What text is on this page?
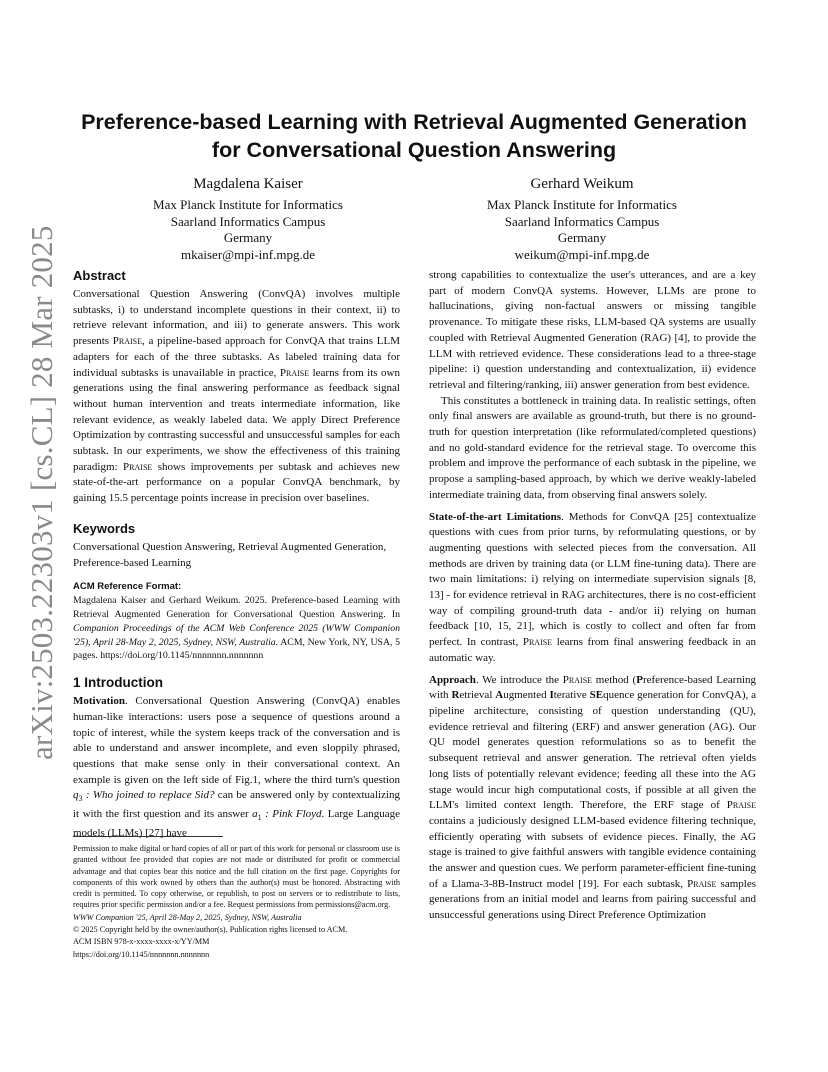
arXiv:2503.22303v1 [cs.CL] 28 Mar 2025
Preference-based Learning with Retrieval Augmented Generation
for Conversational Question Answering
Magdalena Kaiser
Max Planck Institute for Informatics
Saarland Informatics Campus
Germany
mkaiser@mpi-inf.mpg.de
Gerhard Weikum
Max Planck Institute for Informatics
Saarland Informatics Campus
Germany
weikum@mpi-inf.mpg.de
Abstract

Conversational Question Answering (ConvQA) involves multiple subtasks, i) to understand incomplete questions in their context, ii) to retrieve relevant information, and iii) to generate answers. This work presents Praise, a pipeline-based approach for ConvQA that trains LLM adapters for each of the three subtasks. As labeled training data for individual subtasks is unavailable in practice, Praise learns from its own generations using the final answering performance as feedback signal without human intervention and treats intermediate information, like relevant evidence, as weakly labeled data. We apply Direct Preference Optimization by contrasting successful and unsuccessful samples for each subtask. In our experiments, we show the effectiveness of this training paradigm: Praise shows improvements per subtask and achieves new state-of-the-art performance on a popular ConvQA benchmark, by gaining 15.5 percentage points increase in precision over baselines.

Keywords

Conversational Question Answering, Retrieval Augmented Generation, Preference-based Learning

ACM Reference Format:

Magdalena Kaiser and Gerhard Weikum. 2025. Preference-based Learning with Retrieval Augmented Generation for Conversational Question Answering. In Companion Proceedings of the ACM Web Conference 2025 (WWW Companion '25), April 28-May 2, 2025, Sydney, NSW, Australia. ACM, New York, NY, USA, 5 pages. https://doi.org/10.1145/nnnnnnn.nnnnnnn

1 Introduction

Motivation. Conversational Question Answering (ConvQA) enables human-like interactions: users pose a sequence of questions around a topic of interest, while the system keeps track of the conversation and is able to understand and answer incomplete, and even sloppily phrased, questions that make sense only in their conversational context. An example is given on the left side of Fig.1, where the third turn's question $q_3$ : Who joined to replace Sid? can be answered only by contextualizing it with the first question and its answer $a_1$ : Pink Floyd. Large Language models (LLMs) [27] have

Permission to make digital or hard copies of all or part of this work for personal or classroom use is granted without fee provided that copies are not made or distributed for profit or commercial advantage and that copies bear this notice and the full citation on the first page. Copyrights for components of this work owned by others than the author(s) must be honored. Abstracting with credit is permitted. To copy otherwise, or republish, to post on servers or to redistribute to lists, requires prior specific permission and/or a fee. Request permissions from permissions@acm.org.

WWW Companion '25, April 28-May 2, 2025, Sydney, NSW, Australia

© 2025 Copyright held by the owner/author(s). Publication rights licensed to ACM.

ACM ISBN 978-x-xxxx-xxxx-x/YY/MM

https://doi.org/10.1145/nnnnnnn.nnnnnnn

strong capabilities to contextualize the user's utterances, and are a key part of modern ConvQA systems. However, LLMs are prone to hallucinations, giving non-factual answers or missing tangible provenance. To mitigate these risks, LLM-based QA systems are usually coupled with Retrieval Augmented Generation (RAG) [4], to provide the LLM with retrieved evidence. These considerations lead to a three-stage pipeline: i) question understanding and contextualization, ii) evidence retrieval and filtering/ranking, iii) answer generation from best evidence.

This constitutes a bottleneck in training data. In realistic settings, often only final answers are available as ground-truth, but there is no ground-truth for question interpretation (like reformulated/completed questions) and no gold-standard evidence for the retrieval stage. To overcome this problem and improve the performance of each subtask in the pipeline, we propose a sampling-based approach, by which we derive weakly-labeled intermediate training data, from observing final answers solely.

State-of-the-art Limitations. Methods for ConvQA [25] contextualize questions with cues from prior turns, by reformulating questions, or by augmenting questions with selected pieces from the conversation. All methods are driven by training data (or LLM fine-tuning data). There are two main limitations: i) relying on intermediate supervision signals [8, 13] - for evidence retrieval in RAG architectures, there is no cost-efficient way of compiling ground-truth data - and/or ii) relying on human feedback [10, 15, 21], which is costly to collect and often far from perfect. In contrast, Praise learns from final answering feedback in an automatic way.

Approach. We introduce the Praise method (Preference-based Learning with Retrieval Augmented Iterative SEquence generation for ConvQA), a pipeline architecture, consisting of question understanding (QU), evidence retrieval and filtering (ERF) and answer generation (AG). Our QU model generates question reformulations so as to benefit the subsequent retrieval and answer generation. The retrieval often yields long lists of potentially relevant evidence; feeding all these into the AG stage would incur high computational costs, if possible at all given the LLM's limited context length. Therefore, the ERF stage of Praise contains a judiciously designed LLM-based evidence filtering technique, efficiently operating with subsets of evidence pieces. Finally, the AG stage is trained to give faithful answers with tangible evidence containing the answer and question cues. We perform parameter-efficient fine-tuning of a Llama-3-8B-Instruct model [19]. For each subtask, Praise samples generations from an initial model and learns from pairing successful and unsuccessful generations using Direct Preference Optimization
